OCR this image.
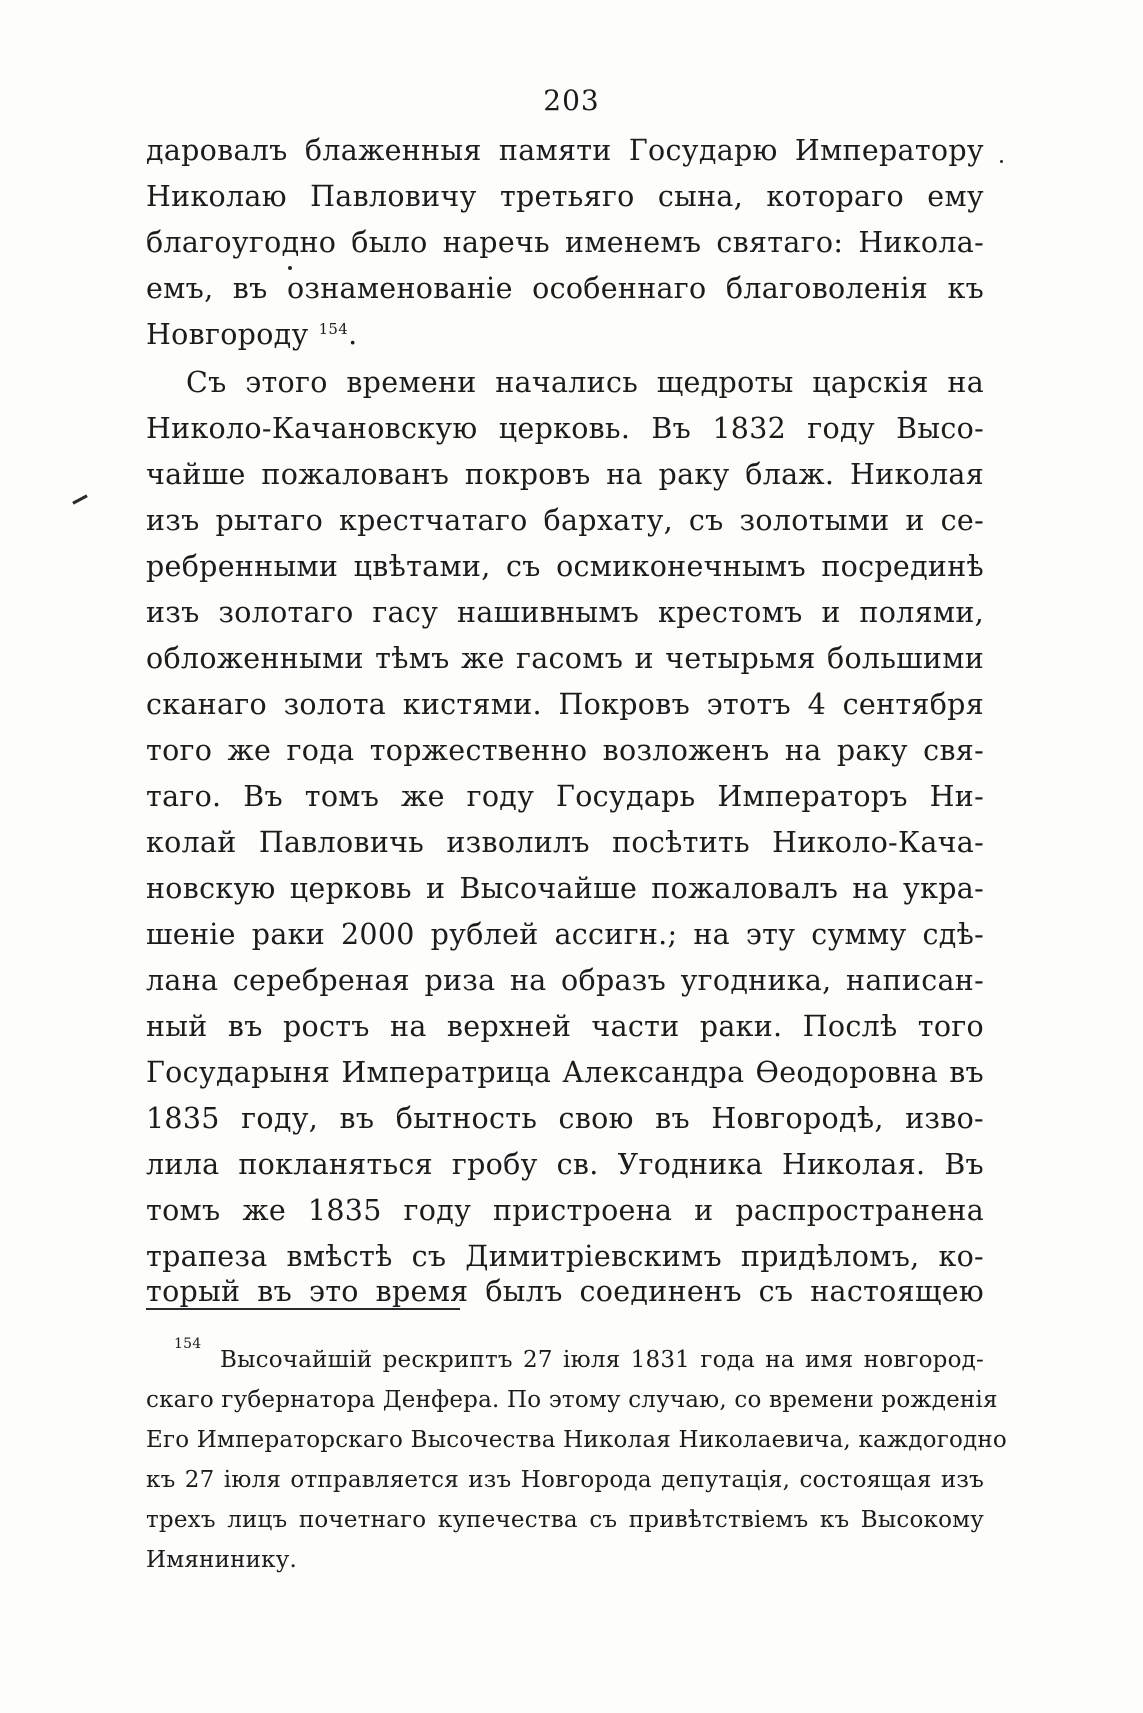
203
даровалъ блаженныя памяти Государю Императору
Николаю Павловичу третьяго сына, котораго ему
благоугодно было наречь именемъ святаго: Никола-
емъ, въ ознаменованіе особеннаго благоволенія къ
Новгороду $^{154}$.
Съ этого времени начались щедроты царскія на
Николо-Качановскую церковь. Въ 1832 году Высо-
чайше пожалованъ покровъ на раку блаж. Николая
изъ рытаго крестчатаго бархату, съ золотыми и се-
ребренными цвѣтами, съ осмиконечнымъ посрединѣ
изъ золотаго гасу нашивнымъ крестомъ и полями,
обложенными тѣмъ же гасомъ и четырьмя большими
сканаго золота кистями. Покровъ этотъ 4 сентября
того же года торжественно возложенъ на раку свя-
таго. Въ томъ же году Государь Императоръ Ни-
колай Павловичь изволилъ посѣтить Николо-Кача-
новскую церковь и Высочайше пожаловалъ на укра-
шеніе раки 2000 рублей ассигн.; на эту сумму сдѣ-
лана серебреная риза на образъ угодника, написан-
ный въ ростъ на верхней части раки. Послѣ того
Государыня Императрица Александра Ѳеодоровна въ
1835 году, въ бытность свою въ Новгородѣ, изво-
лила покланяться гробу св. Угодника Николая. Въ
томъ же 1835 году пристроена и распространена
трапеза вмѣстѣ съ Димитріевскимъ придѣломъ, ко-
торый въ это время былъ соединенъ съ настоящею
154
Высочайшій рескриптъ 27 іюля 1831 года на имя новгород-
скаго губернатора Денфера. По этому случаю, со времени рожденія
Его Императорскаго Высочества Николая Николаевича, каждогодно
къ 27 іюля отправляется изъ Новгорода депутація, состоящая изъ
трехъ лицъ почетнаго купечества съ привѣтствіемъ къ Высокому
Имянинику.
